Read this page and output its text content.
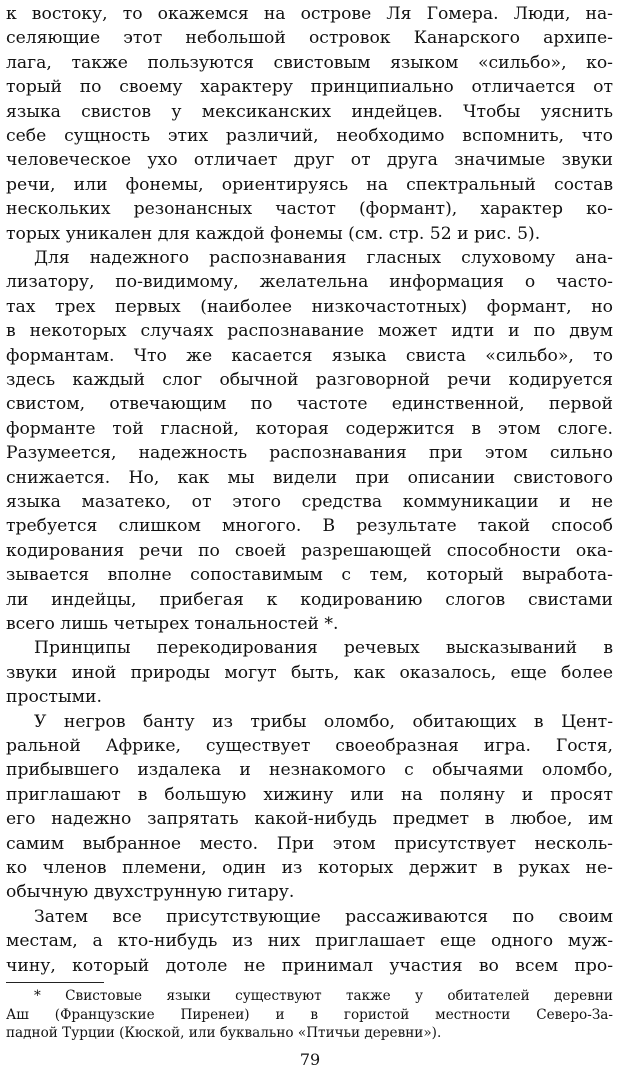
к востоку, то окажемся на острове Ля Гомера. Люди, на-
селяющие этот небольшой островок Канарского архипе-
лага, также пользуются свистовым языком «сильбо», ко-
торый по своему характеру принципиально отличается от
языка свистов у мексиканских индейцев. Чтобы уяснить
себе сущность этих различий, необходимо вспомнить, что
человеческое ухо отличает друг от друга значимые звуки
речи, или фонемы, ориентируясь на спектральный состав
нескольких резонансных частот (формант), характер ко-
торых уникален для каждой фонемы (см. стр. 52 и рис. 5).
Для надежного распознавания гласных слуховому ана-
лизатору, по-видимому, желательна информация о часто-
тах трех первых (наиболее низкочастотных) формант, но
в некоторых случаях распознавание может идти и по двум
формантам. Что же касается языка свиста «сильбо», то
здесь каждый слог обычной разговорной речи кодируется
свистом, отвечающим по частоте единственной, первой
форманте той гласной, которая содержится в этом слоге.
Разумеется, надежность распознавания при этом сильно
снижается. Но, как мы видели при описании свистового
языка мазатеко, от этого средства коммуникации и не
требуется слишком многого. В результате такой способ
кодирования речи по своей разрешающей способности ока-
зывается вполне сопоставимым с тем, который выработа-
ли индейцы, прибегая к кодированию слогов свистами
всего лишь четырех тональностей *.
Принципы перекодирования речевых высказываний в
звуки иной природы могут быть, как оказалось, еще более
простыми.
У негров банту из трибы оломбо, обитающих в Цент-
ральной Африке, существует своеобразная игра. Гостя,
прибывшего издалека и незнакомого с обычаями оломбо,
приглашают в большую хижину или на поляну и просят
его надежно запрятать какой-нибудь предмет в любое, им
самим выбранное место. При этом присутствует несколь-
ко членов племени, один из которых держит в руках не-
обычную двухструнную гитару.
Затем все присутствующие рассаживаются по своим
местам, а кто-нибудь из них приглашает еще одного муж-
чину, который дотоле не принимал участия во всем про-
* Свистовые языки существуют также у обитателей деревни
Аш (Французские Пиренеи) и в гористой местности Северо-За-
падной Турции (Кюской, или буквально «Птичьи деревни»).
79
